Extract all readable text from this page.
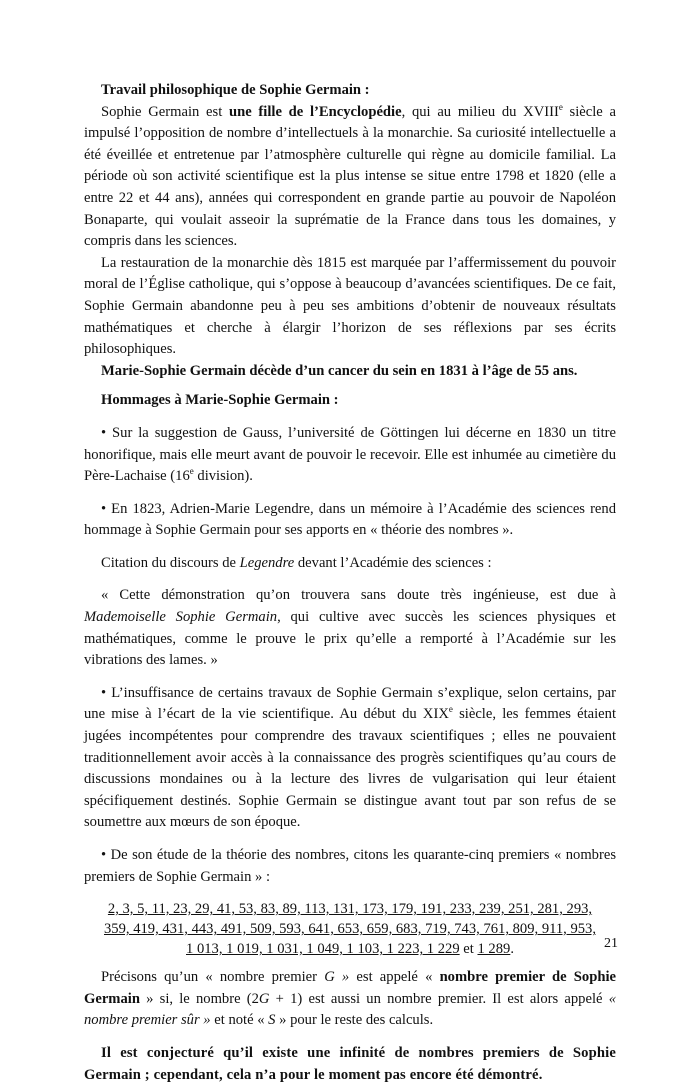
Travail philosophique de Sophie Germain :

Sophie Germain est une fille de l’Encyclopédie, qui au milieu du XVIIIe siècle a impulsé l’opposition de nombre d’intellectuels à la monarchie. Sa curiosité intellectuelle a été éveillée et entretenue par l’atmosphère culturelle qui règne au domicile familial. La période où son activité scientifique est la plus intense se situe entre 1798 et 1820 (elle a entre 22 et 44 ans), années qui correspondent en grande partie au pouvoir de Napoléon Bonaparte, qui voulait asseoir la suprématie de la France dans tous les domaines, y compris dans les sciences.

La restauration de la monarchie dès 1815 est marquée par l’affermissement du pouvoir moral de l’Église catholique, qui s’oppose à beaucoup d’avancées scientifiques. De ce fait, Sophie Germain abandonne peu à peu ses ambitions d’obtenir de nouveaux résultats mathématiques et cherche à élargir l’horizon de ses réflexions par ses écrits philosophiques.

Marie-Sophie Germain décède d’un cancer du sein en 1831 à l’âge de 55 ans.

Hommages à Marie-Sophie Germain :

• Sur la suggestion de Gauss, l’université de Göttingen lui décerne en 1830 un titre honorifique, mais elle meurt avant de pouvoir le recevoir. Elle est inhumée au cimetière du Père-Lachaise (16e division).

• En 1823, Adrien-Marie Legendre, dans un mémoire à l’Académie des sciences rend hommage à Sophie Germain pour ses apports en « théorie des nombres ».

Citation du discours de Legendre devant l’Académie des sciences :

« Cette démonstration qu’on trouvera sans doute très ingénieuse, est due à Mademoiselle Sophie Germain, qui cultive avec succès les sciences physiques et mathématiques, comme le prouve le prix qu’elle a remporté à l’Académie sur les vibrations des lames. »

• L’insuffisance de certains travaux de Sophie Germain s’explique, selon certains, par une mise à l’écart de la vie scientifique. Au début du XIXe siècle, les femmes étaient jugées incompétentes pour comprendre des travaux scientifiques ; elles ne pouvaient traditionnellement avoir accès à la connaissance des progrès scientifiques qu’au cours de discussions mondaines ou à la lecture des livres de vulgarisation qui leur étaient spécifiquement destinés. Sophie Germain se distingue avant tout par son refus de se soumettre aux mœurs de son époque.

• De son étude de la théorie des nombres, citons les quarante-cinq premiers « nombres premiers de Sophie Germain » :

2, 3, 5, 11, 23, 29, 41, 53, 83, 89, 113, 131, 173, 179, 191, 233, 239, 251, 281, 293,
359, 419, 431, 443, 491, 509, 593, 641, 653, 659, 683, 719, 743, 761, 809, 911, 953,
1 013, 1 019, 1 031, 1 049, 1 103, 1 223, 1 229 et 1 289.

Précisons qu’un « nombre premier G » est appelé « nombre premier de Sophie Germain » si, le nombre (2G + 1) est aussi un nombre premier. Il est alors appelé « nombre premier sûr » et noté « S » pour le reste des calculs.

Il est conjecturé qu’il existe une infinité de nombres premiers de Sophie Germain ; cependant, cela n’a pour le moment pas encore été démontré.

21
